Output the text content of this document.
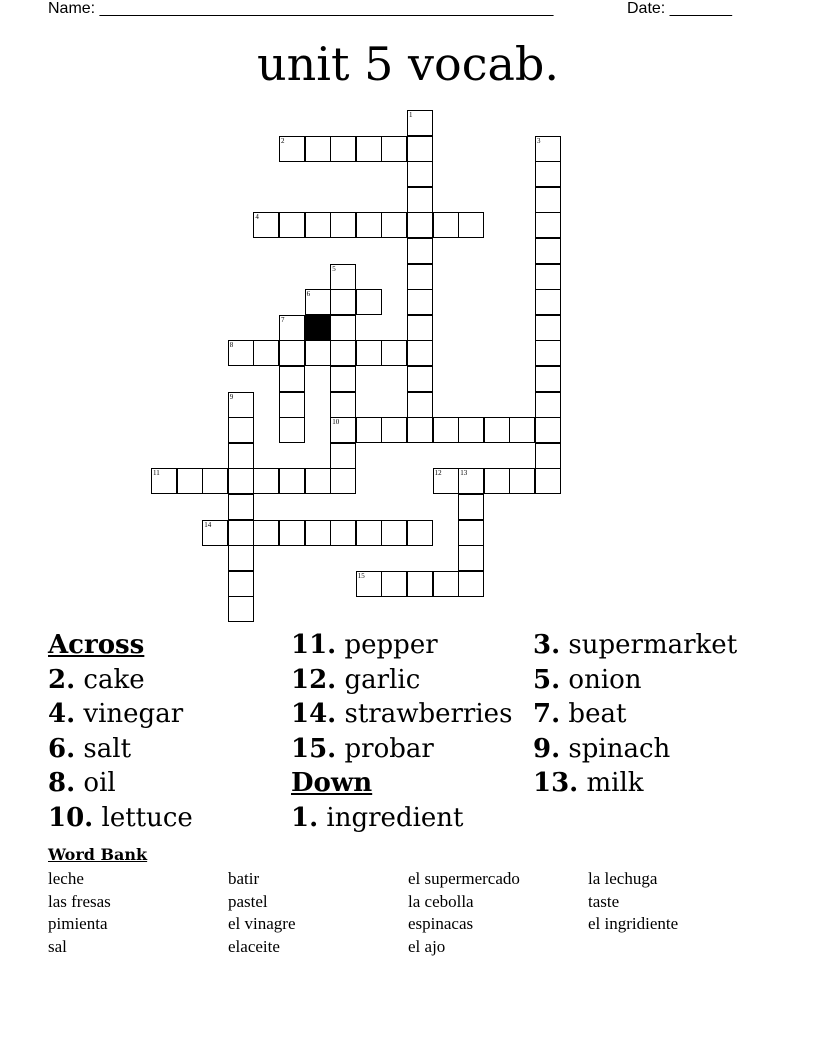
Name: ___________________________________________________	Date: _______
unit 5 vocab.
2
4
6
8
10
11	12	13
14
15
1
3
5
7
9
Across
2. cake
4. vinegar
6. salt
8. oil
10. lettuce
11. pepper
12. garlic
14. strawberries
15. probar
Down
1. ingredient
3. supermarket
5. onion
7. beat
9. spinach
13. milk
Word Bank
leche
las fresas
pimienta
sal
batir
pastel
el vinagre
elaceite
el supermercado
la cebolla
espinacas
el ajo
la lechuga
taste
el ingridiente
